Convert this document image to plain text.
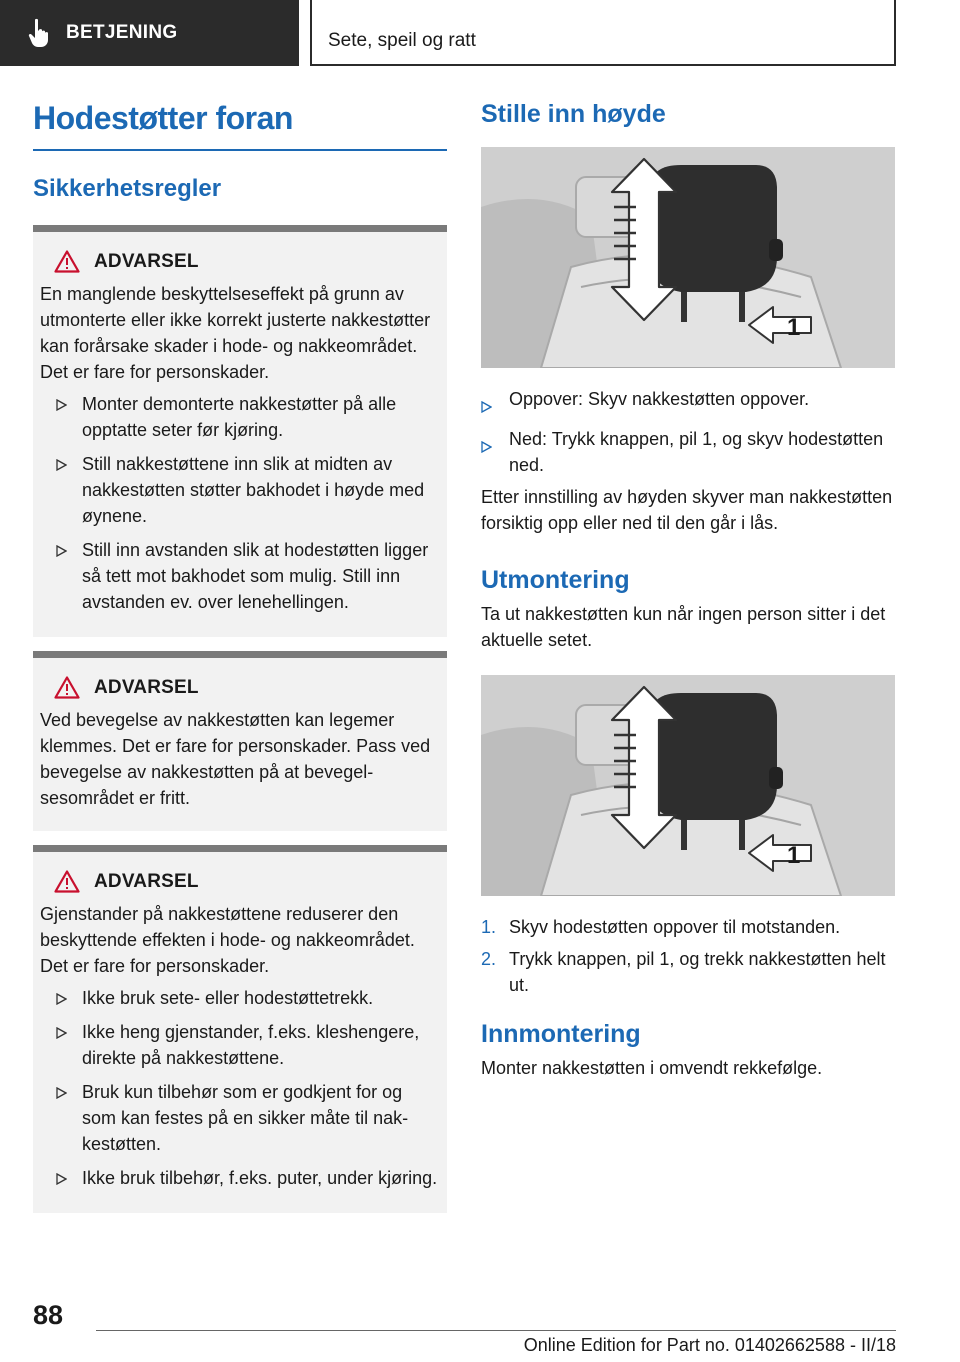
BETJENING	Sete, speil og ratt
Hodestøtter foran
Sikkerhetsregler
ADVARSEL

En manglende beskyttelseseffekt på grunn av utmonterte eller ikke korrekt justerte nakkestøtter kan forårsake skader i hode- og nakkeområdet. Det er fare for personskader.

Monter demonterte nakkestøtter på alle opptatte seter før kjøring.
Still nakkestøttene inn slik at midten av nakkestøtten støtter bakhodet i høyde med øynene.
Still inn avstanden slik at hodestøtten ligger så tett mot bakhodet som mulig. Still inn avstanden ev. over lenehellingen.
ADVARSEL

Ved bevegelse av nakkestøtten kan legemer klemmes. Det er fare for personskader. Pass ved bevegelse av nakkestøtten på at bevegelsesområdet er fritt.

ADVARSEL

Gjenstander på nakkestøttene reduserer den beskyttende effekten i hode- og nakkeområdet. Det er fare for personskader.

Ikke bruk sete- eller hodestøttetrekk.
Ikke heng gjenstander, f.eks. kleshengere, direkte på nakkestøttene.
Bruk kun tilbehør som er godkjent for og som kan festes på en sikker måte til nakkestøtten.
Ikke bruk tilbehør, f.eks. puter, under kjøring.
Stille inn høyde
1
Oppover: Skyv nakkestøtten oppover.
Ned: Trykk knappen, pil 1, og skyv hodestøtten ned.

Etter innstilling av høyden skyver man nakkestøtten forsiktig opp eller ned til den går i lås.

Utmontering

Ta ut nakkestøtten kun når ingen person sitter i det aktuelle setet.

1
1. Skyv hodestøtten oppover til motstanden.
2. Trykk knappen, pil 1, og trekk nakkestøtten helt ut.
Innmontering

Monter nakkestøtten i omvendt rekkefølge.

88
Online Edition for Part no. 01402662588 - II/18
